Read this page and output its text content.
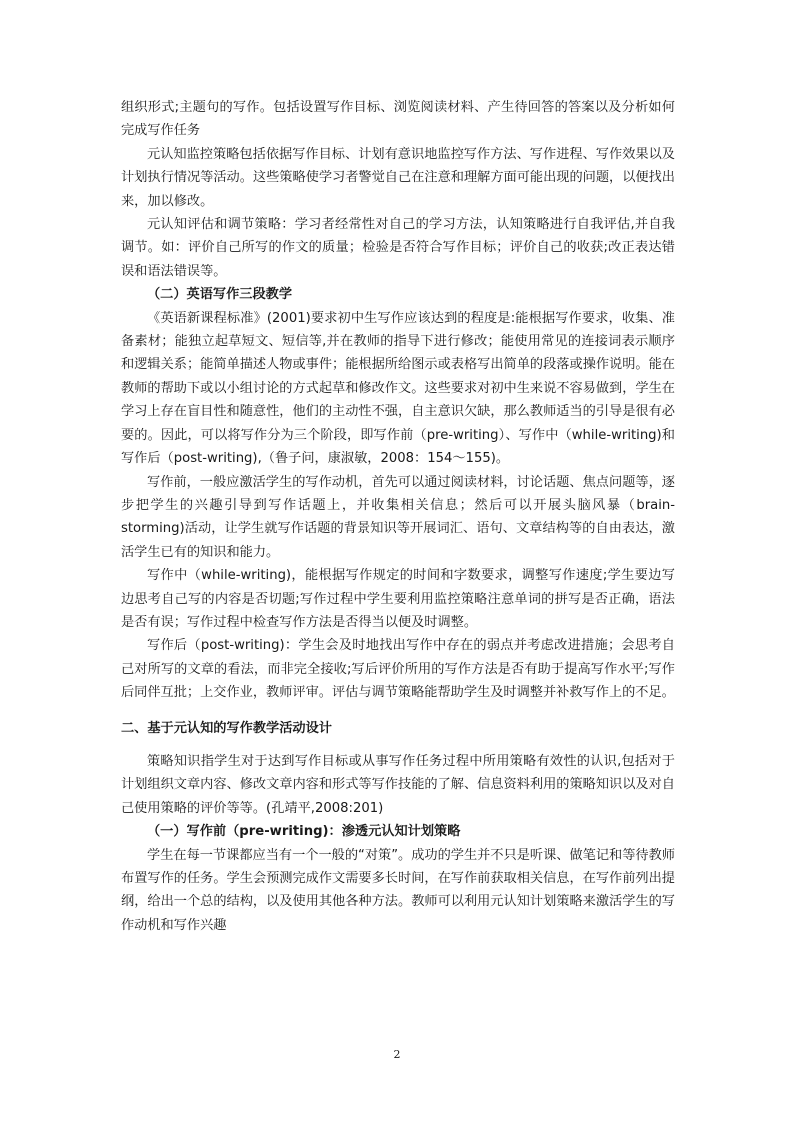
组织形式;主题句的写作。包括设置写作目标、浏览阅读材料、产生待回答的答案以及分析如何完成写作任务

元认知监控策略包括依据写作目标、计划有意识地监控写作方法、写作进程、写作效果以及计划执行情况等活动。这些策略使学习者警觉自己在注意和理解方面可能出现的问题，以便找出来，加以修改。

元认知评估和调节策略：学习者经常性对自己的学习方法，认知策略进行自我评估,并自我调节。如：评价自己所写的作文的质量；检验是否符合写作目标；评价自己的收获;改正表达错误和语法错误等。

（二）英语写作三段教学

《英语新课程标准》(2001)要求初中生写作应该达到的程度是:能根据写作要求，收集、准备素材；能独立起草短文、短信等,并在教师的指导下进行修改；能使用常见的连接词表示顺序和逻辑关系；能简单描述人物或事件；能根据所给图示或表格写出简单的段落或操作说明。能在教师的帮助下或以小组讨论的方式起草和修改作文。这些要求对初中生来说不容易做到，学生在学习上存在盲目性和随意性，他们的主动性不强，自主意识欠缺，那么教师适当的引导是很有必要的。因此，可以将写作分为三个阶段，即写作前（pre-writing）、写作中（while-writing)和写作后（post-writing),（鲁子问，康淑敏，2008：154～155)。

写作前，一般应激活学生的写作动机，首先可以通过阅读材料，讨论话题、焦点问题等，逐步把学生的兴趣引导到写作话题上，并收集相关信息；然后可以开展头脑风暴（brain-storming)活动，让学生就写作话题的背景知识等开展词汇、语句、文章结构等的自由表达，激活学生已有的知识和能力。

写作中（while-writing)，能根据写作规定的时间和字数要求，调整写作速度;学生要边写边思考自己写的内容是否切题;写作过程中学生要利用监控策略注意单词的拼写是否正确，语法是否有误；写作过程中检查写作方法是否得当以便及时调整。

写作后（post-writing)：学生会及时地找出写作中存在的弱点并考虑改进措施；会思考自己对所写的文章的看法，而非完全接收;写后评价所用的写作方法是否有助于提高写作水平;写作后同伴互批；上交作业，教师评审。评估与调节策略能帮助学生及时调整并补救写作上的不足。

二、基于元认知的写作教学活动设计

策略知识指学生对于达到写作目标或从事写作任务过程中所用策略有效性的认识,包括对于计划组织文章内容、修改文章内容和形式等写作技能的了解、信息资料利用的策略知识以及对自己使用策略的评价等等。(孔靖平,2008:201)

（一）写作前（pre-writing)：渗透元认知计划策略

学生在每一节课都应当有一个一般的“对策”。成功的学生并不只是听课、做笔记和等待教师布置写作的任务。学生会预测完成作文需要多长时间，在写作前获取相关信息，在写作前列出提纲，给出一个总的结构，以及使用其他各种方法。教师可以利用元认知计划策略来激活学生的写作动机和写作兴趣

2
